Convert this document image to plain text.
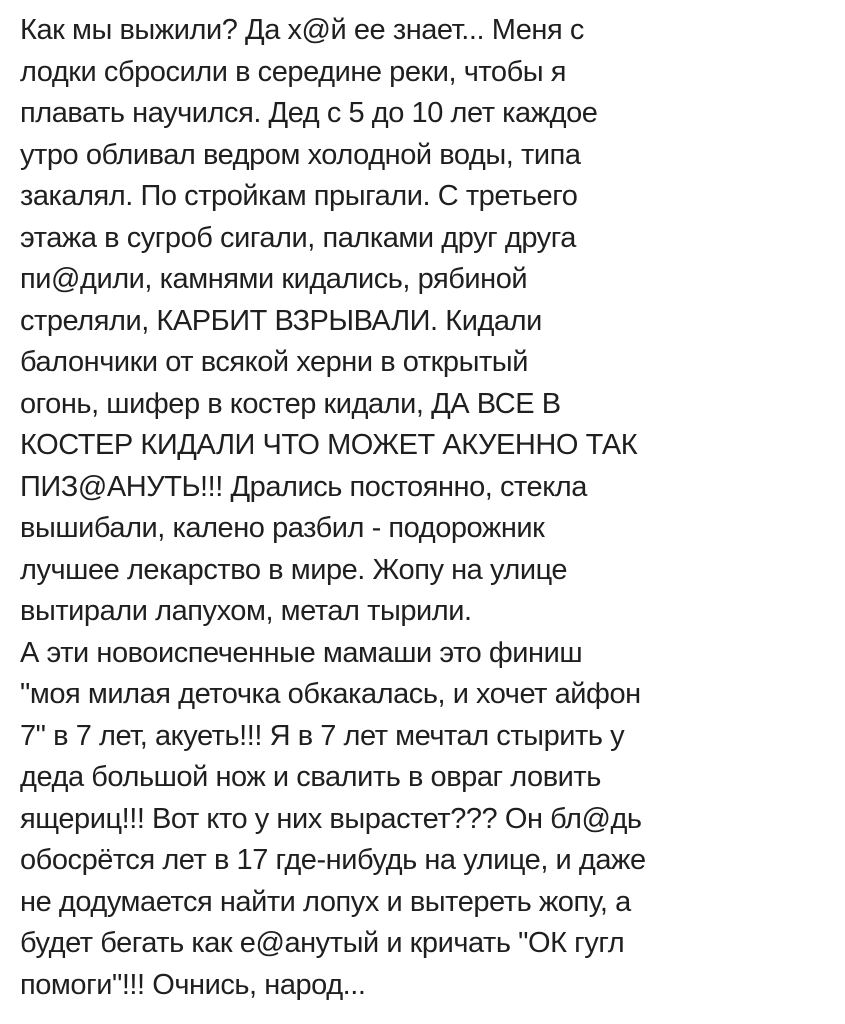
Как мы выжили? Да х@й ее знает... Меня с
лодки сбросили в середине реки, чтобы я
плавать научился. Дед с 5 до 10 лет каждое
утро обливал ведром холодной воды, типа
закалял. По стройкам прыгали. С третьего
этажа в сугроб сигали, палками друг друга
пи@дили, камнями кидались, рябиной
стреляли, КАРБИТ ВЗРЫВАЛИ. Кидали
балончики от всякой херни в открытый
огонь, шифер в костер кидали, ДА ВСЕ В
КОСТЕР КИДАЛИ ЧТО МОЖЕТ АКУЕННО ТАК
ПИЗ@АНУТЬ!!! Дрались постоянно, стекла
вышибали, калено разбил - подорожник
лучшее лекарство в мире. Жопу на улице
вытирали лапухом, метал тырили.
А эти новоиспеченные мамаши это финиш
"моя милая деточка обкакалась, и хочет айфон
7" в 7 лет, акуеть!!! Я в 7 лет мечтал стырить у
деда большой нож и свалить в овраг ловить
ящериц!!! Вот кто у них вырастет??? Он бл@дь
обосрётся лет в 17 где-нибудь на улице, и даже
не додумается найти лопух и вытереть жопу, а
будет бегать как е@анутый и кричать "ОК гугл
помоги"!!! Очнись, народ...
